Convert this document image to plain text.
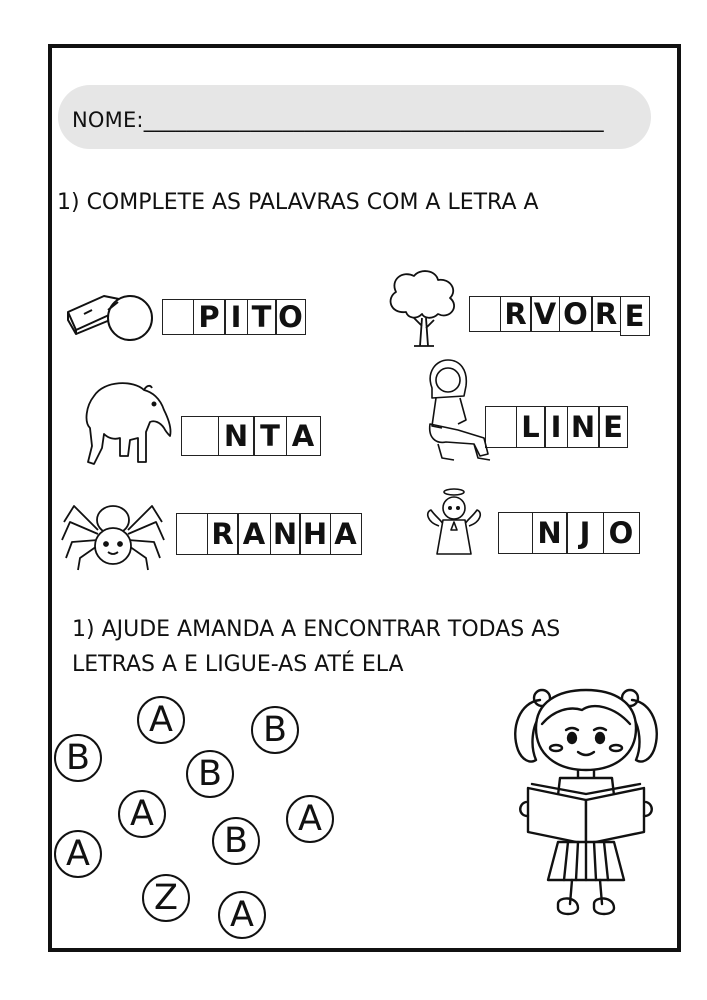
NOME:___________________________________________
1) COMPLETE AS PALAVRAS COM A LETRA A
P I T O	R V O R E
N T A	L I N E
R A N H A	N J O
1) AJUDE AMANDA A ENCONTRAR TODAS AS
LETRAS A E LIGUE-AS ATÉ ELA
A
B
B
B
A	A
B
A
Z	A
